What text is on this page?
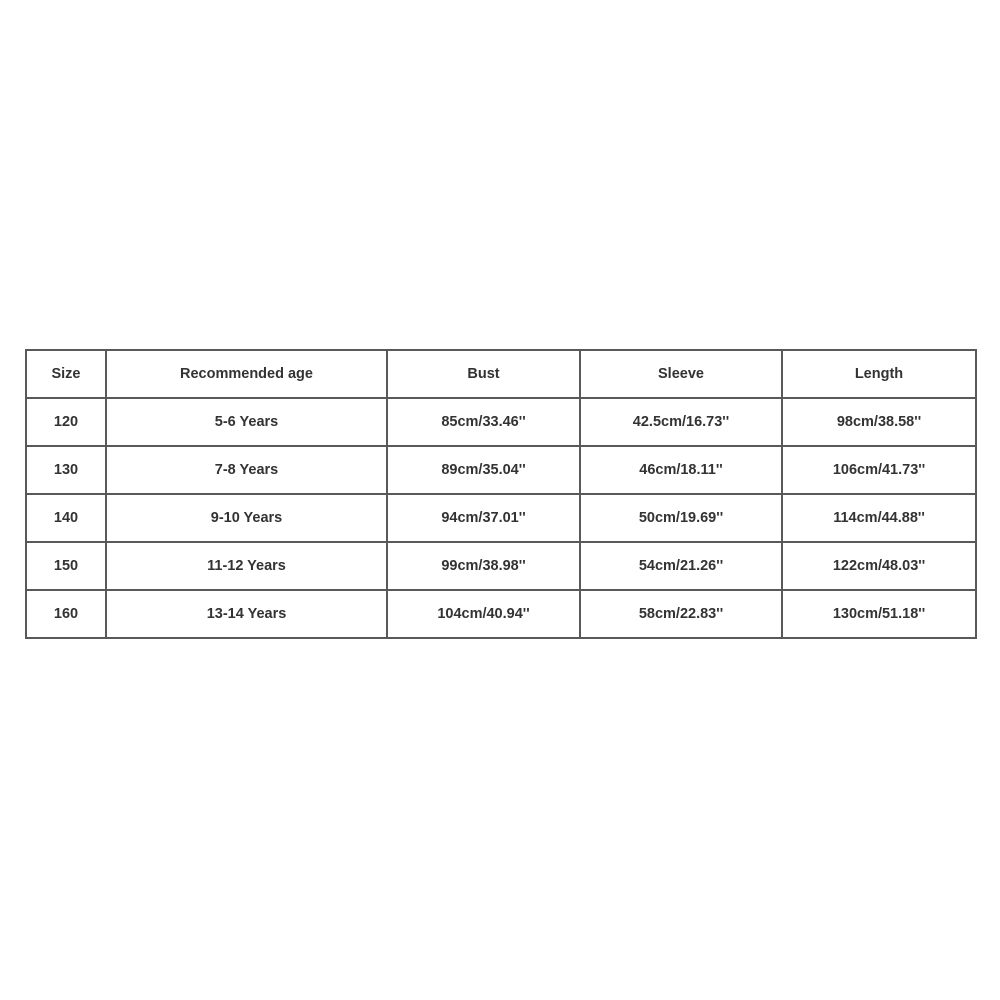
Size	Recommended age	Bust	Sleeve	Length
120	5-6 Years	85cm/33.46''	42.5cm/16.73''	98cm/38.58''
130	7-8 Years	89cm/35.04''	46cm/18.11''	106cm/41.73''
140	9-10 Years	94cm/37.01''	50cm/19.69''	114cm/44.88''
150	11-12 Years	99cm/38.98''	54cm/21.26''	122cm/48.03''
160	13-14 Years	104cm/40.94''	58cm/22.83''	130cm/51.18''
